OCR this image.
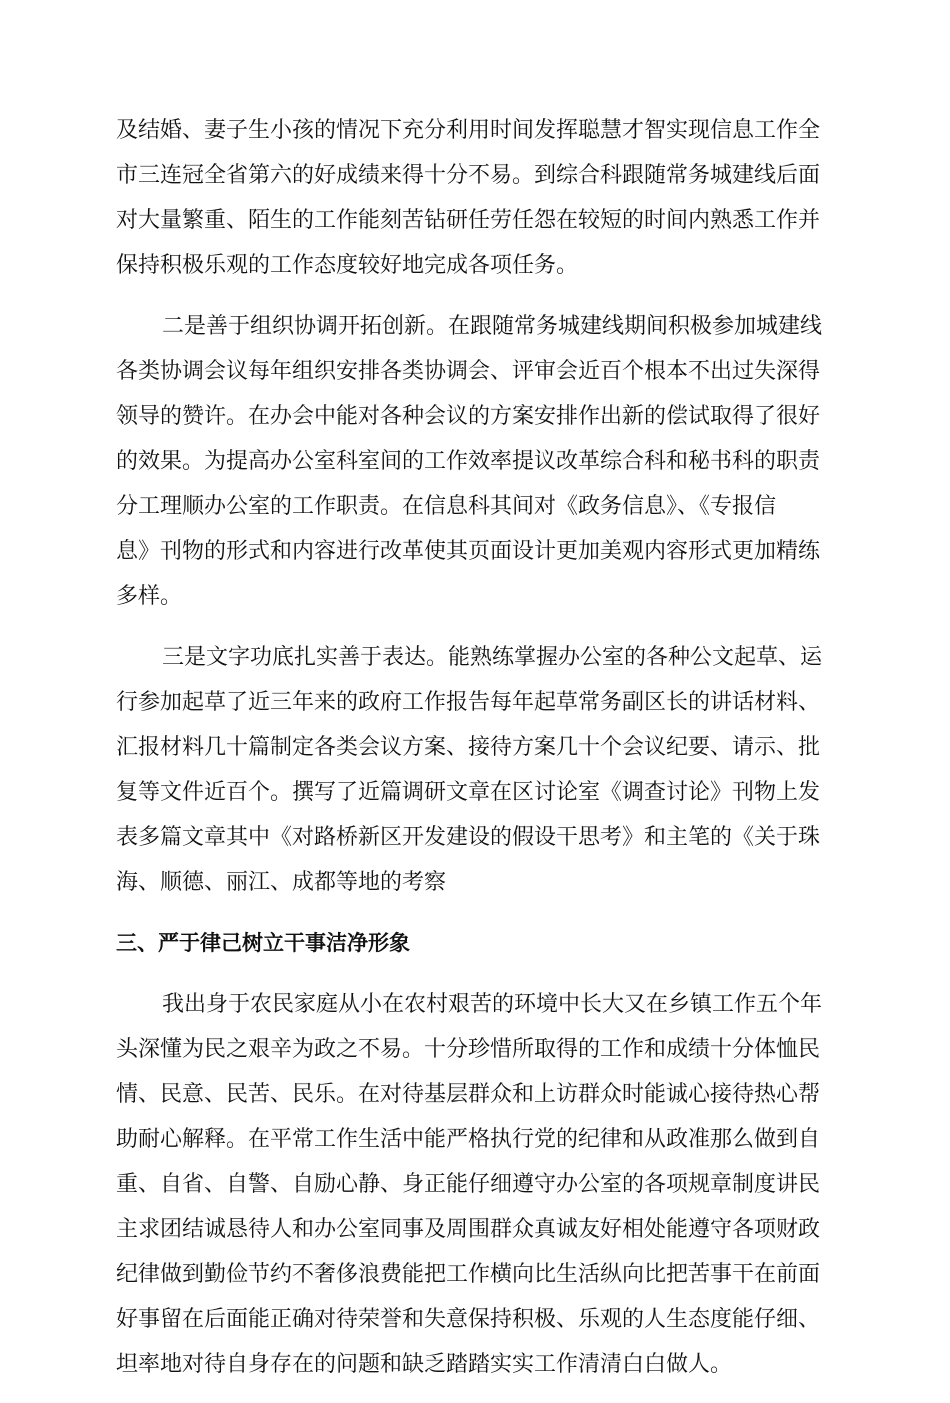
及结婚、妻子生小孩的情况下充分利用时间发挥聪慧才智实现信息工作全
市三连冠全省第六的好成绩来得十分不易。到综合科跟随常务城建线后面
对大量繁重、陌生的工作能刻苦钻研任劳任怨在较短的时间内熟悉工作并
保持积极乐观的工作态度较好地完成各项任务。
二是善于组织协调开拓创新。在跟随常务城建线期间积极参加城建线
各类协调会议每年组织安排各类协调会、评审会近百个根本不出过失深得
领导的赞许。在办会中能对各种会议的方案安排作出新的偿试取得了很好
的效果。为提高办公室科室间的工作效率提议改革综合科和秘书科的职责
分工理顺办公室的工作职责。在信息科其间对《政务信息》、《专报信
息》刊物的形式和内容进行改革使其页面设计更加美观内容形式更加精练
多样。
三是文字功底扎实善于表达。能熟练掌握办公室的各种公文起草、运
行参加起草了近三年来的政府工作报告每年起草常务副区长的讲话材料、
汇报材料几十篇制定各类会议方案、接待方案几十个会议纪要、请示、批
复等文件近百个。撰写了近篇调研文章在区讨论室《调查讨论》刊物上发
表多篇文章其中《对路桥新区开发建设的假设干思考》和主笔的《关于珠
海、顺德、丽江、成都等地的考察
三、严于律己树立干事洁净形象
我出身于农民家庭从小在农村艰苦的环境中长大又在乡镇工作五个年
头深懂为民之艰辛为政之不易。十分珍惜所取得的工作和成绩十分体恤民
情、民意、民苦、民乐。在对待基层群众和上访群众时能诚心接待热心帮
助耐心解释。在平常工作生活中能严格执行党的纪律和从政准那么做到自
重、自省、自警、自励心静、身正能仔细遵守办公室的各项规章制度讲民
主求团结诚恳待人和办公室同事及周围群众真诚友好相处能遵守各项财政
纪律做到勤俭节约不奢侈浪费能把工作横向比生活纵向比把苦事干在前面
好事留在后面能正确对待荣誉和失意保持积极、乐观的人生态度能仔细、
坦率地对待自身存在的问题和缺乏踏踏实实工作清清白白做人。
